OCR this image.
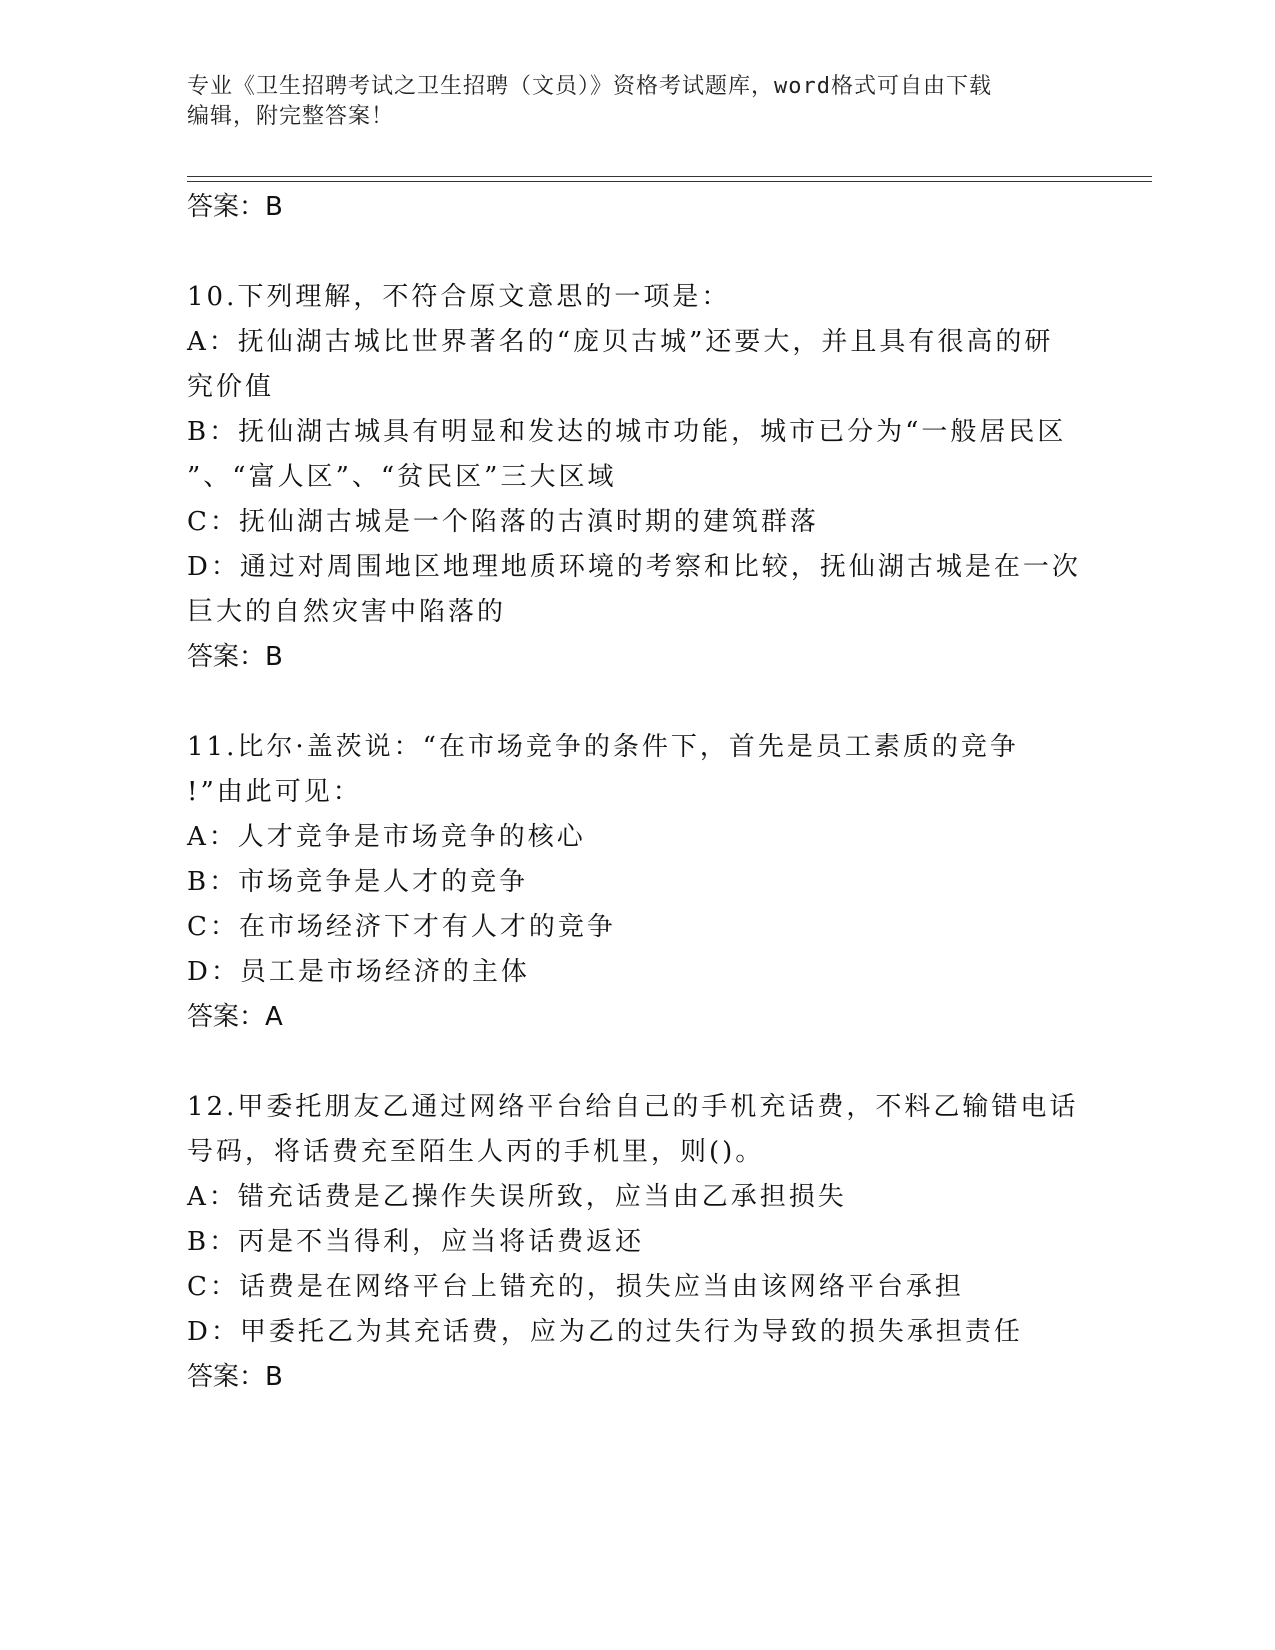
专业《卫生招聘考试之卫生招聘（文员）》资格考试题库，word格式可自由下载
编辑，附完整答案！
答案：B
10.下列理解，不符合原文意思的一项是：
A：抚仙湖古城比世界著名的“庞贝古城”还要大，并且具有很高的研
究价值
B：抚仙湖古城具有明显和发达的城市功能，城市已分为“一般居民区
”、“富人区”、“贫民区”三大区域
C：抚仙湖古城是一个陷落的古滇时期的建筑群落
D：通过对周围地区地理地质环境的考察和比较，抚仙湖古城是在一次
巨大的自然灾害中陷落的
答案：B
11.比尔·盖茨说：“在市场竞争的条件下，首先是员工素质的竞争
!”由此可见：
A：人才竞争是市场竞争的核心
B：市场竞争是人才的竞争
C：在市场经济下才有人才的竞争
D：员工是市场经济的主体
答案：A
12.甲委托朋友乙通过网络平台给自己的手机充话费，不料乙输错电话
号码，将话费充至陌生人丙的手机里，则()。
A：错充话费是乙操作失误所致，应当由乙承担损失
B：丙是不当得利，应当将话费返还
C：话费是在网络平台上错充的，损失应当由该网络平台承担
D：甲委托乙为其充话费，应为乙的过失行为导致的损失承担责任
答案：B
